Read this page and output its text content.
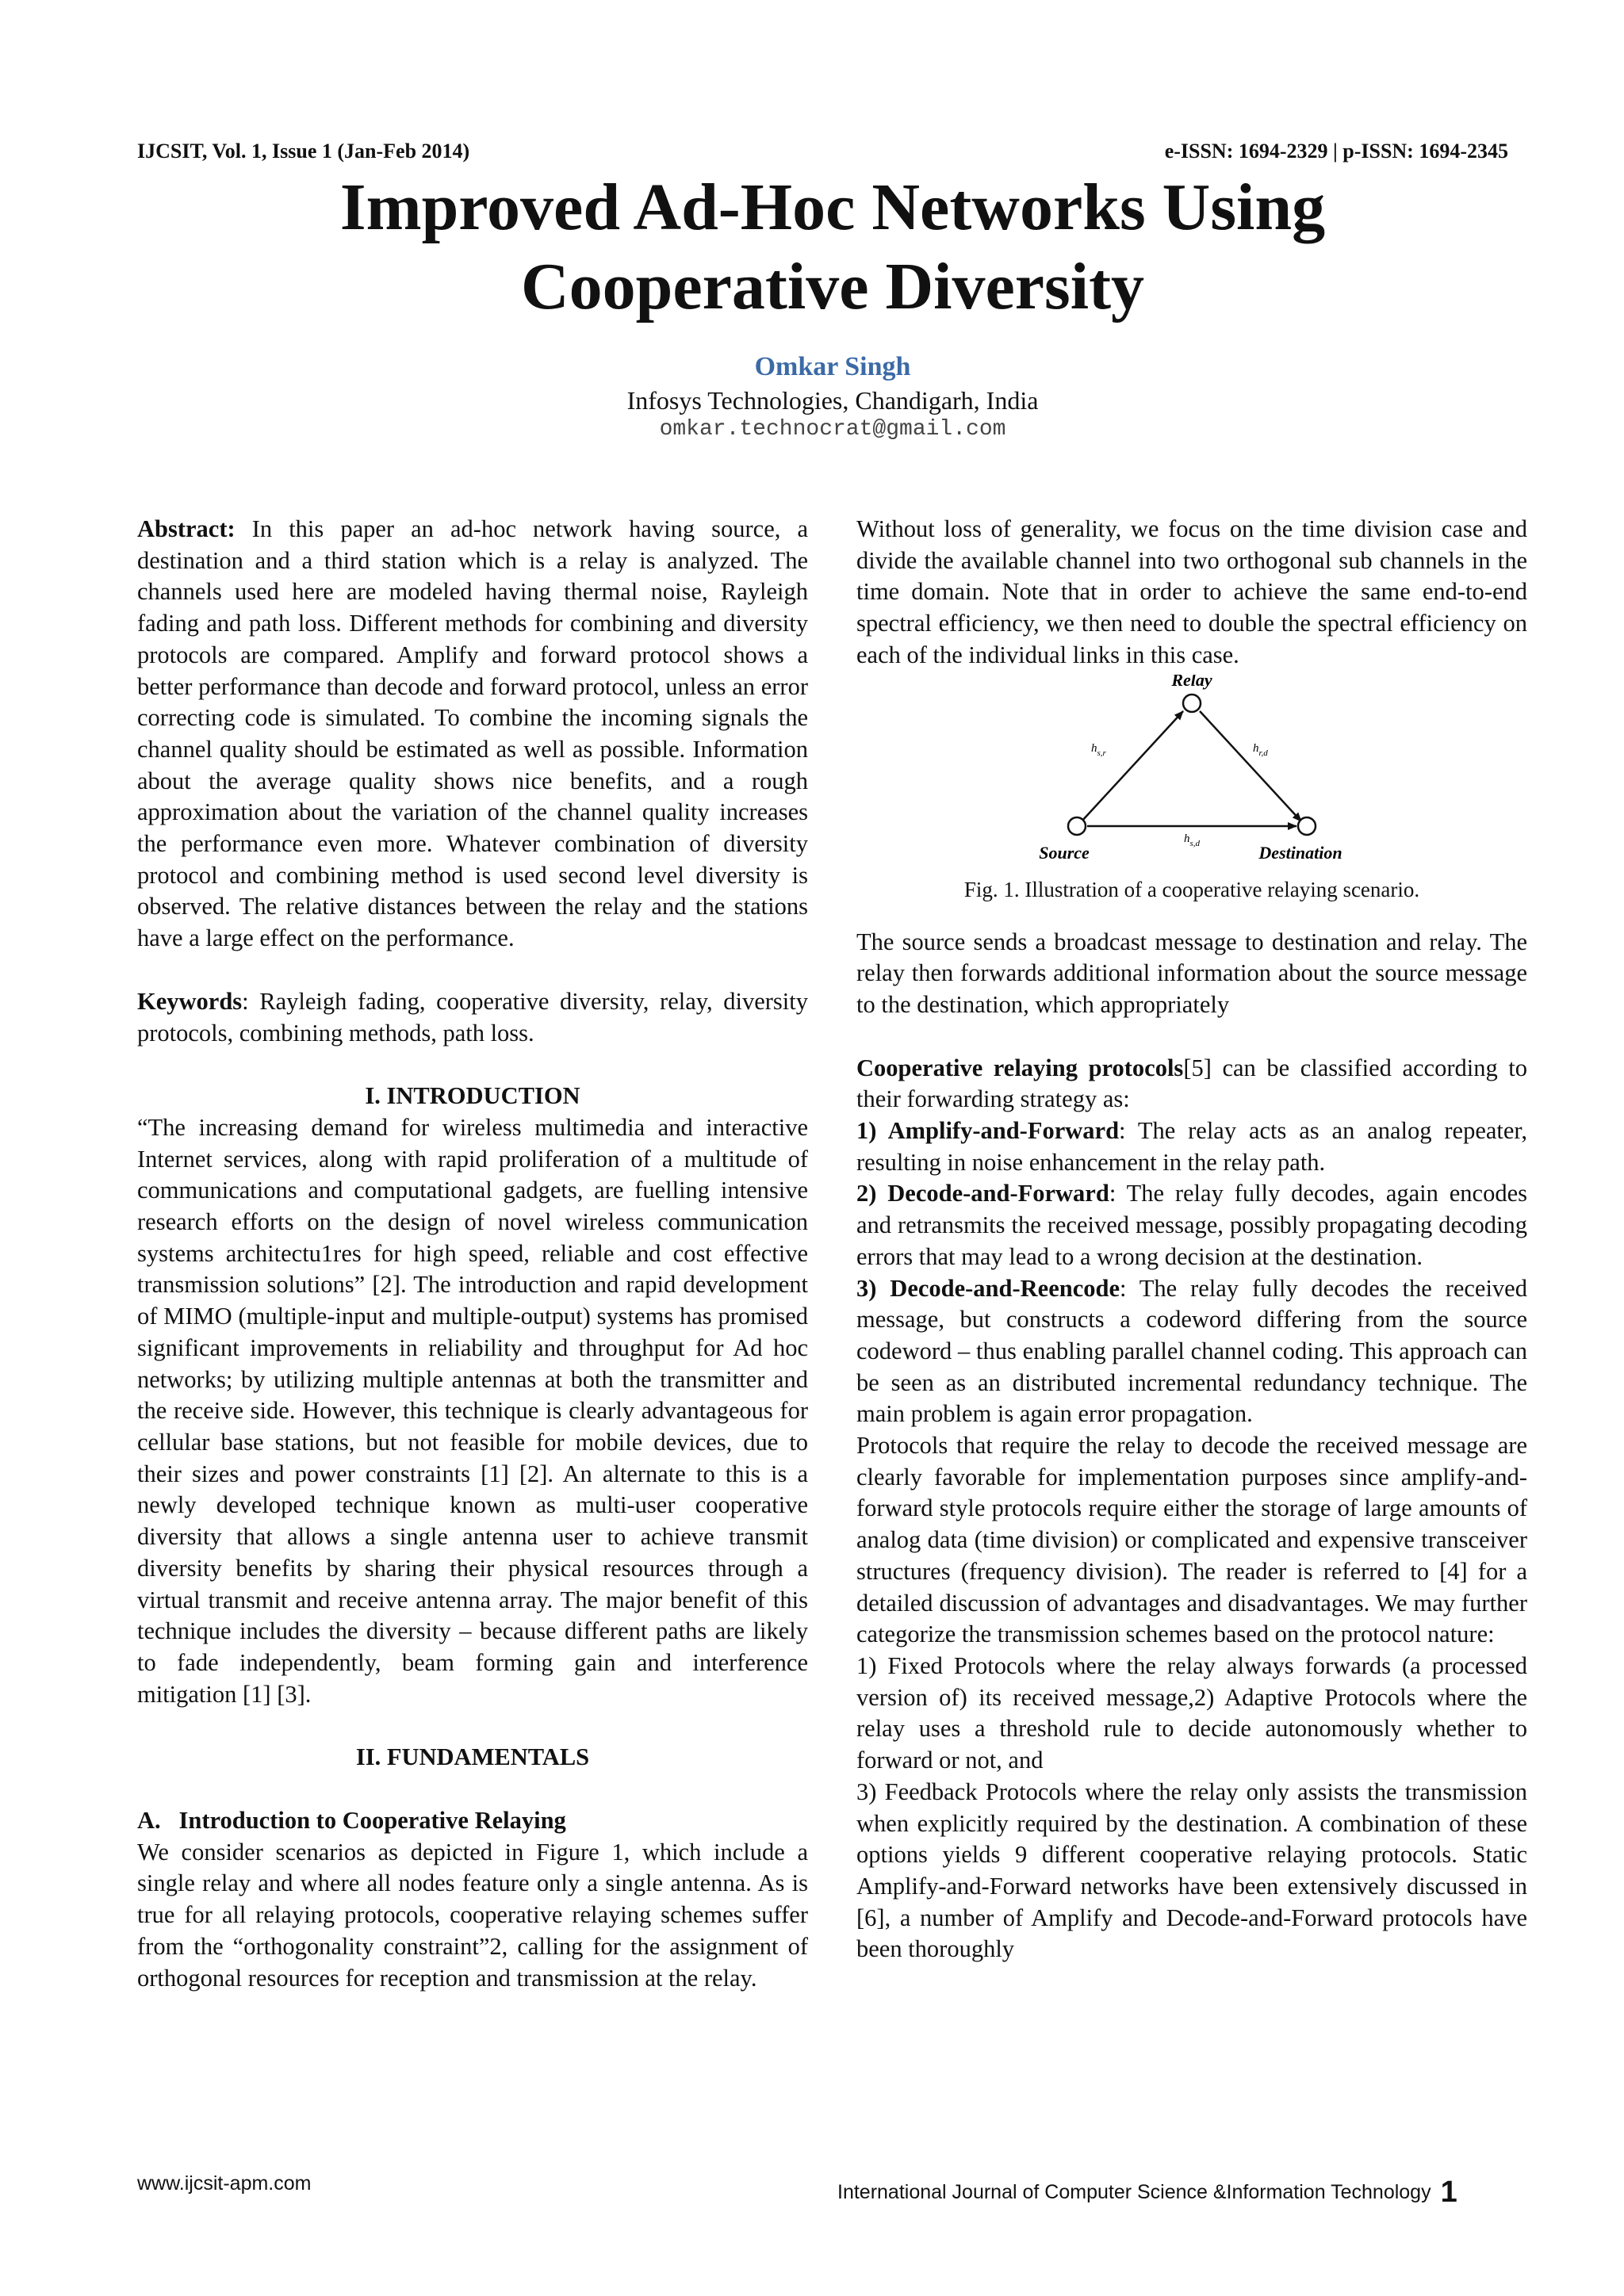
IJCSIT, Vol. 1, Issue 1 (Jan-Feb 2014)	e-ISSN: 1694-2329 | p-ISSN: 1694-2345
Improved Ad-Hoc Networks Using
Cooperative Diversity
Omkar Singh
Infosys Technologies, Chandigarh, India
omkar.technocrat@gmail.com

Abstract: In this paper an ad-hoc network having source, a destination and a third station which is a relay is analyzed. The channels used here are modeled having thermal noise, Rayleigh fading and path loss. Different methods for combining and diversity protocols are compared. Amplify and forward protocol shows a better performance than decode and forward protocol, unless an error correcting code is simulated. To combine the incoming signals the channel quality should be estimated as well as possible. Information about the average quality shows nice benefits, and a rough approximation about the variation of the channel quality increases the performance even more. Whatever combination of diversity protocol and combining method is used second level diversity is observed. The relative distances between the relay and the stations have a large effect on the performance.

Keywords: Rayleigh fading, cooperative diversity, relay, diversity protocols, combining methods, path loss.

I. INTRODUCTION

“The increasing demand for wireless multimedia and interactive Internet services, along with rapid proliferation of a multitude of communications and computational gadgets, are fuelling intensive research efforts on the design of novel wireless communication systems architectu1res for high speed, reliable and cost effective transmission solutions” [2]. The introduction and rapid development of MIMO (multiple-input and multiple-output) systems has promised significant improvements in reliability and throughput for Ad hoc networks; by utilizing multiple antennas at both the transmitter and the receive side. However, this technique is clearly advantageous for cellular base stations, but not feasible for mobile devices, due to their sizes and power constraints [1] [2]. An alternate to this is a newly developed technique known as multi-user cooperative diversity that allows a single antenna user to achieve transmit diversity benefits by sharing their physical resources through a virtual transmit and receive antenna array. The major benefit of this technique includes the diversity – because different paths are likely to fade independently, beam forming gain and interference mitigation [1] [3].

II. FUNDAMENTALS

A.   Introduction to Cooperative Relaying

We consider scenarios as depicted in Figure 1, which include a single relay and where all nodes feature only a single antenna. As is true for all relaying protocols, cooperative relaying schemes suffer from the “orthogonality constraint”2, calling for the assignment of orthogonal resources for reception and transmission at the relay.

Without loss of generality, we focus on the time division case and divide the available channel into two orthogonal sub channels in the time domain. Note that in order to achieve the same end-to-end spectral efficiency, we then need to double the spectral efficiency on each of the individual links in this case.

Relay
Source	Destination
$h_{s,r}$	$h_{r,d}$
$h_{s,d}$

Fig. 1. Illustration of a cooperative relaying scenario.

The source sends a broadcast message to destination and relay. The relay then forwards additional information about the source message to the destination, which appropriately

Cooperative relaying protocols[5] can be classified according to their forwarding strategy as:

1) Amplify-and-Forward: The relay acts as an analog repeater, resulting in noise enhancement in the relay path.

2) Decode-and-Forward: The relay fully decodes, again encodes and retransmits the received message, possibly propagating decoding errors that may lead to a wrong decision at the destination.

3) Decode-and-Reencode: The relay fully decodes the received message, but constructs a codeword differing from the source codeword – thus enabling parallel channel coding. This approach can be seen as an distributed incremental redundancy technique. The main problem is again error propagation.

Protocols that require the relay to decode the received message are clearly favorable for implementation purposes since amplify-and-forward style protocols require either the storage of large amounts of analog data (time division) or complicated and expensive transceiver structures (frequency division). The reader is referred to [4] for a detailed discussion of advantages and disadvantages. We may further categorize the transmission schemes based on the protocol nature:

1) Fixed Protocols where the relay always forwards (a processed version of) its received message,2) Adaptive Protocols where the relay uses a threshold rule to decide autonomously whether to forward or not, and

3) Feedback Protocols where the relay only assists the transmission when explicitly required by the destination. A combination of these options yields 9 different cooperative relaying protocols. Static Amplify-and-Forward networks have been extensively discussed in [6], a number of Amplify and Decode-and-Forward protocols have been thoroughly

www.ijcsit-apm.com	International Journal of Computer Science &Information Technology 1
